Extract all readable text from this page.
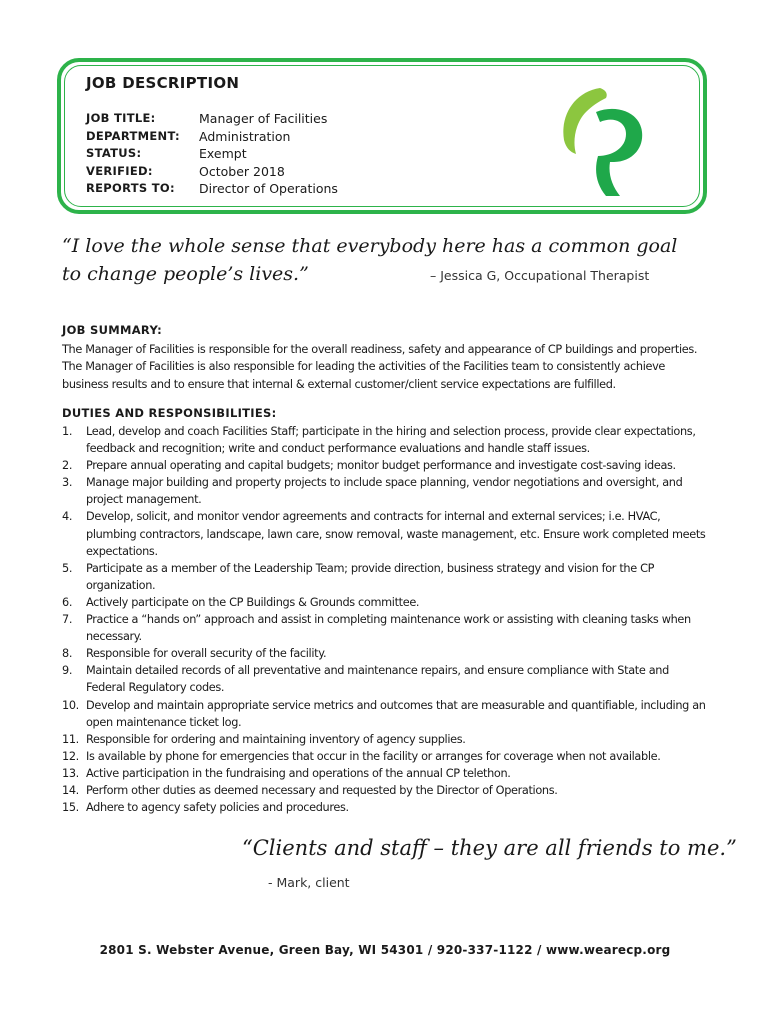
JOB DESCRIPTION
JOB TITLE:	Manager of Facilities
DEPARTMENT:	Administration
STATUS:	Exempt
VERIFIED:	October 2018
REPORTS TO:	Director of Operations
“I love the whole sense that everybody here has a common goal to change people’s lives.”	– Jessica G, Occupational Therapist
JOB SUMMARY:
The Manager of Facilities is responsible for the overall readiness, safety and appearance of CP buildings and properties. The Manager of Facilities is also responsible for leading the activities of the Facilities team to consistently achieve business results and to ensure that internal & external customer/client service expectations are fulfilled.
DUTIES AND RESPONSIBILITIES:
1.	Lead, develop and coach Facilities Staff; participate in the hiring and selection process, provide clear expectations, feedback and recognition; write and conduct performance evaluations and handle staff issues.
2.	Prepare annual operating and capital budgets; monitor budget performance and investigate cost-saving ideas.
3.	Manage major building and property projects to include space planning, vendor negotiations and oversight, and project management.
4.	Develop, solicit, and monitor vendor agreements and contracts for internal and external services; i.e. HVAC, plumbing contractors, landscape, lawn care, snow removal, waste management, etc. Ensure work completed meets expectations.
5.	Participate as a member of the Leadership Team; provide direction, business strategy and vision for the CP organization.
6.	Actively participate on the CP Buildings & Grounds committee.
7.	Practice a “hands on” approach and assist in completing maintenance work or assisting with cleaning tasks when necessary.
8.	Responsible for overall security of the facility.
9.	Maintain detailed records of all preventative and maintenance repairs, and ensure compliance with State and Federal Regulatory codes.
10. Develop and maintain appropriate service metrics and outcomes that are measurable and quantifiable, including an open maintenance ticket log.
11. Responsible for ordering and maintaining inventory of agency supplies.
12. Is available by phone for emergencies that occur in the facility or arranges for coverage when not available.
13. Active participation in the fundraising and operations of the annual CP telethon.
14. Perform other duties as deemed necessary and requested by the Director of Operations.
15. Adhere to agency safety policies and procedures.
“Clients and staff – they are all friends to me.”
- Mark, client
2801 S. Webster Avenue, Green Bay, WI 54301 / 920-337-1122 / www.wearecp.org
